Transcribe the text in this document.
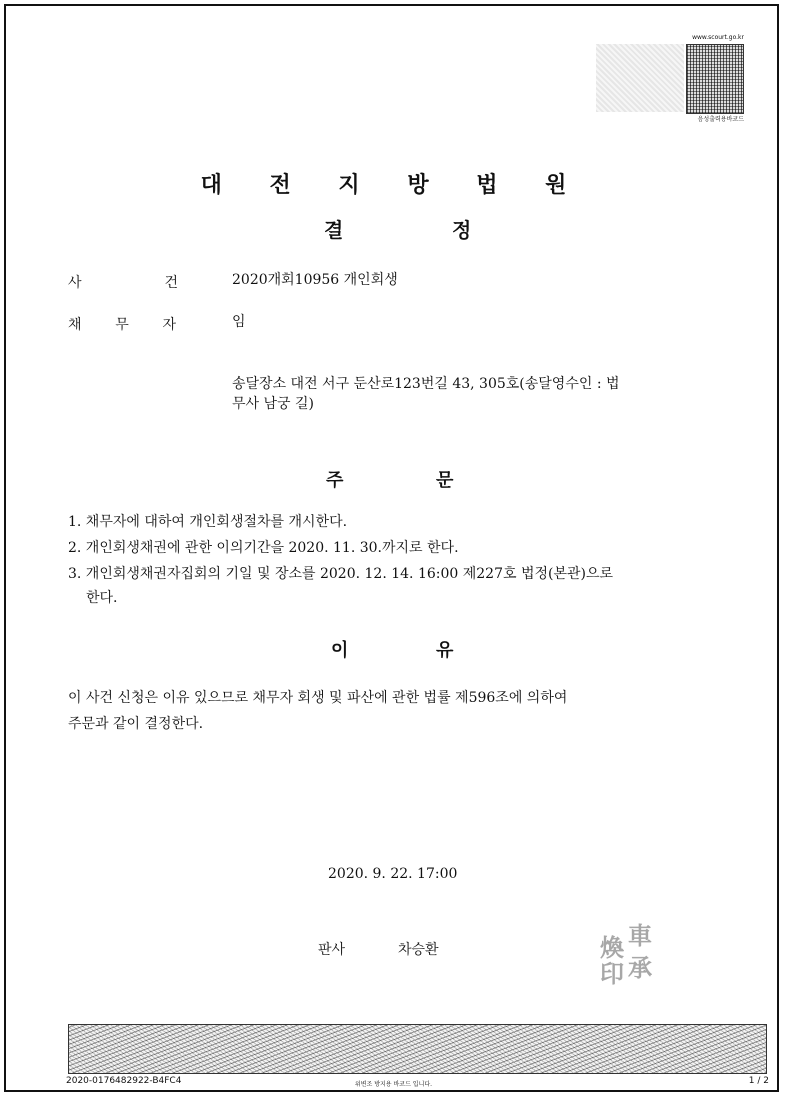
www.scourt.go.kr
음성출력용바코드
대 전 지 방 법 원
결	정
사	건	2020개회10956 개인회생
채 무 자	임
송달장소 대전 서구 둔산로123번길 43, 305호(송달영수인 : 법
무사 남궁 길)
주	문
1. 채무자에 대하여 개인회생절차를 개시한다.
2. 개인회생채권에 관한 이의기간을 2020. 11. 30.까지로 한다.
3. 개인회생채권자집회의 기일 및 장소를 2020. 12. 14. 16:00 제227호 법정(본관)으로
한다.
이	유
이 사건 신청은 이유 있으므로 채무자 회생 및 파산에 관한 법률 제596조에 의하여
주문과 같이 결정한다.
2020. 9. 22. 17:00
판사	차승환	車
承
煥
印
2020-0176482922-B4FC4	위변조 방지용 바코드 입니다.	1 / 2
